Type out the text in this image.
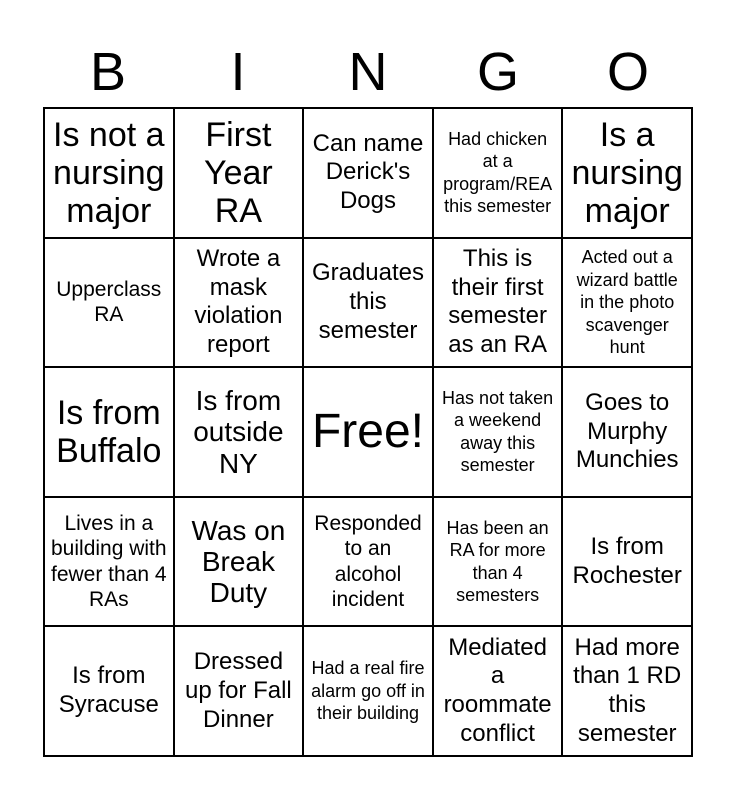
B	I	N	G	O
Is not a nursing major
First Year RA
Can name Derick's Dogs
Had chicken at a program/REA this semester
Is a nursing major
Upperclass RA
Wrote a mask violation report
Graduates this semester
This is their first semester as an RA
Acted out a wizard battle in the photo scavenger hunt
Is from Buffalo
Is from outside NY
Free!
Has not taken a weekend away this semester
Goes to Murphy Munchies
Lives in a building with fewer than 4 RAs
Was on Break Duty
Responded to an alcohol incident
Has been an RA for more than 4 semesters
Is from Rochester
Is from Syracuse
Dressed up for Fall Dinner
Had a real fire alarm go off in their building
Mediated a roommate conflict
Had more than 1 RD this semester
